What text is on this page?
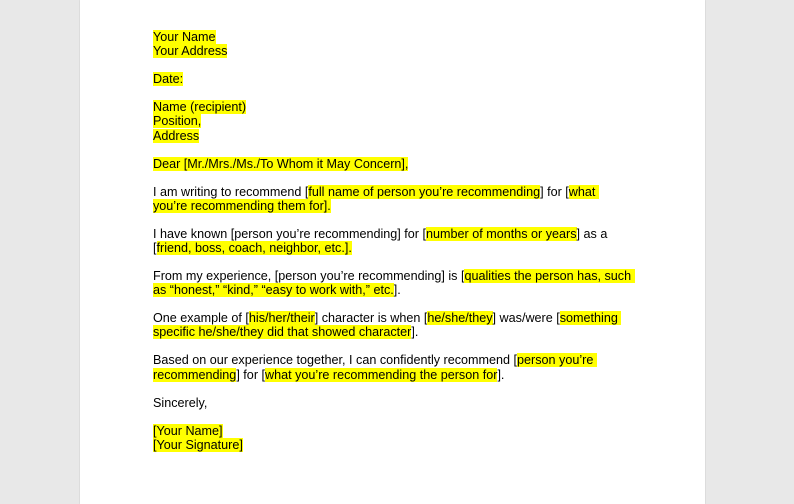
Your Name
Your Address

Date:

Name (recipient)
Position,
Address

Dear [Mr./Mrs./Ms./To Whom it May Concern],

I am writing to recommend [full name of person you’re recommending] for [what you’re recommending them for].

I have known [person you’re recommending] for [number of months or years] as a [friend, boss, coach, neighbor, etc.].

From my experience, [person you’re recommending] is [qualities the person has, such as “honest,” “kind,” “easy to work with,” etc.].

One example of [his/her/their] character is when [he/she/they] was/were [something specific he/she/they did that showed character].

Based on our experience together, I can confidently recommend [person you’re recommending] for [what you’re recommending the person for].

Sincerely,

[Your Name]
[Your Signature]
